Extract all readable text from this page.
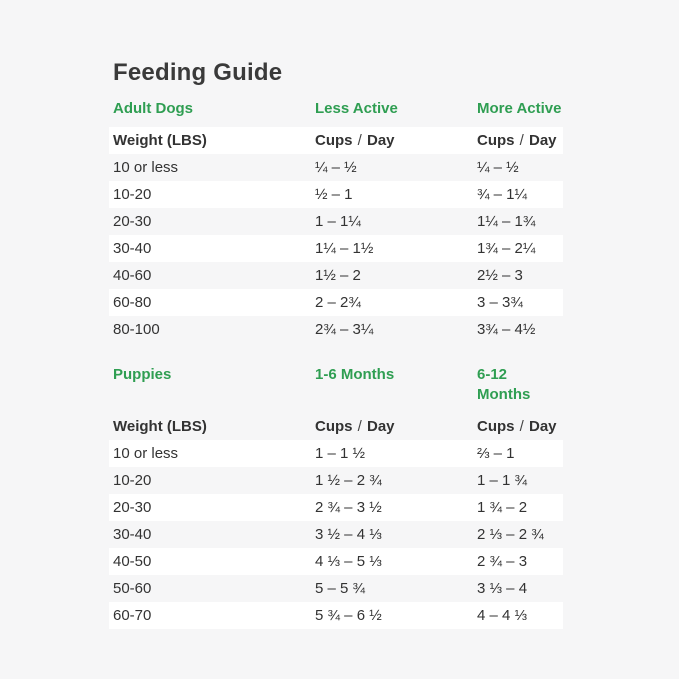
Feeding Guide
Adult Dogs	Less Active	More Active
Weight (LBS)	Cups / Day	Cups / Day
10 or less	¼ – ½	¼ – ½
10-20	½ – 1	¾ – 1¼
20-30	1 – 1¼	1¼ – 1¾
30-40	1¼ – 1½	1¾ – 2¼
40-60	1½ – 2	2½ – 3
60-80	2 – 2¾	3 – 3¾
80-100	2¾ – 3¼	3¾ – 4½
Puppies	1-6 Months	6-12 Months
Weight (LBS)	Cups / Day	Cups / Day
10 or less	1 – 1 ½	⅔ – 1
10-20	1 ½ – 2 ¾	1 – 1 ¾
20-30	2 ¾ – 3 ½	1 ¾ – 2
30-40	3 ½ – 4 ⅓	2 ⅓ – 2 ¾
40-50	4 ⅓ – 5 ⅓	2 ¾ – 3
50-60	5 – 5 ¾	3 ⅓ – 4
60-70	5 ¾ – 6 ½	4 – 4 ⅓
